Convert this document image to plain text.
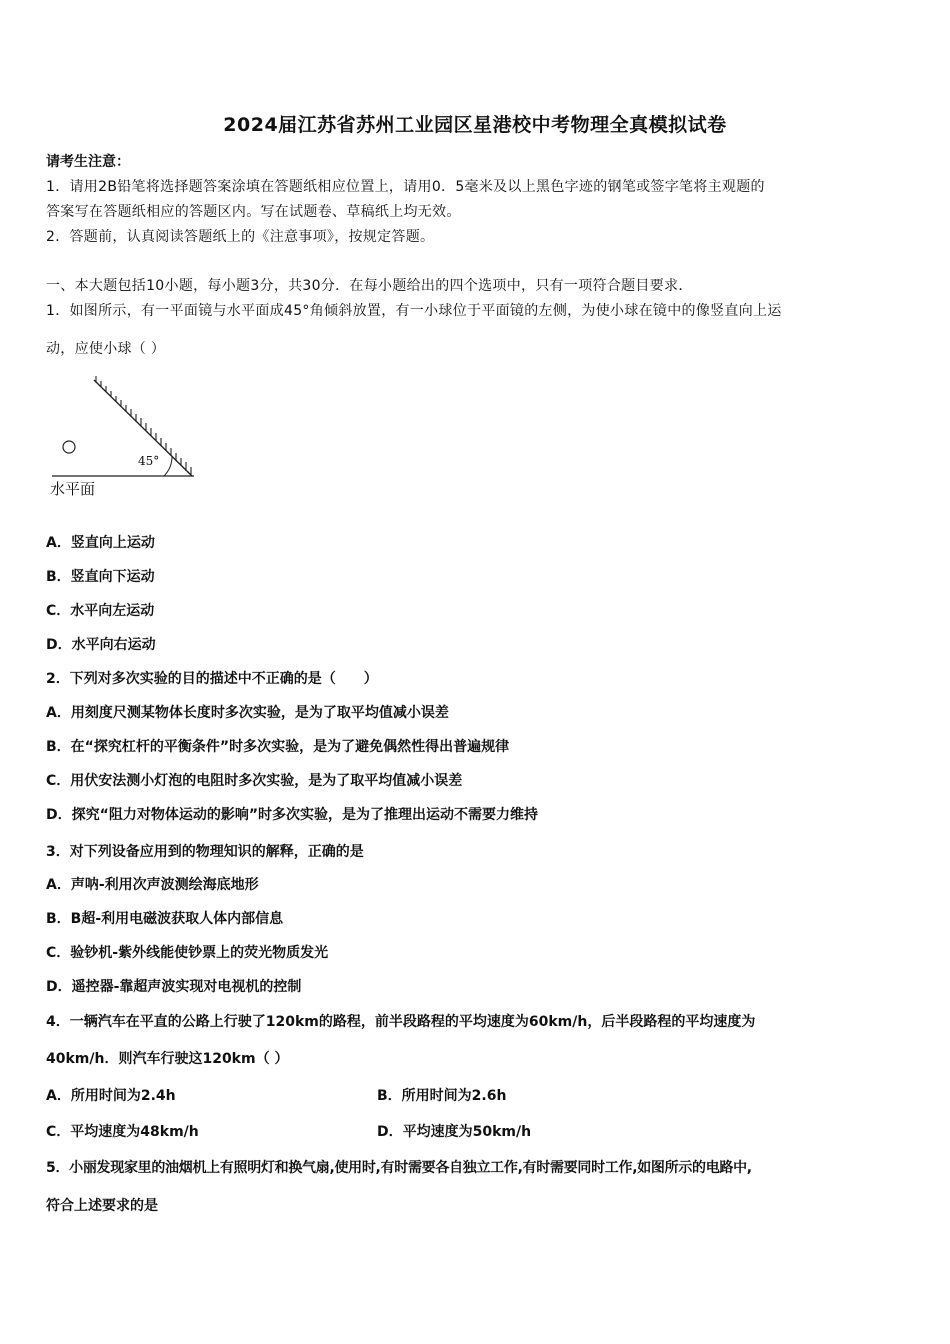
2024届江苏省苏州工业园区星港校中考物理全真模拟试卷
请考生注意：
1．请用2B铅笔将选择题答案涂填在答题纸相应位置上，请用0．5毫米及以上黑色字迹的钢笔或签字笔将主观题的
答案写在答题纸相应的答题区内。写在试题卷、草稿纸上均无效。
2．答题前，认真阅读答题纸上的《注意事项》，按规定答题。
一、本大题包括10小题，每小题3分，共30分．在每小题给出的四个选项中，只有一项符合题目要求．
1．如图所示，有一平面镜与水平面成45°角倾斜放置，有一小球位于平面镜的左侧，为使小球在镜中的像竖直向上运
动，应使小球（ ）
45°
水平面
A．竖直向上运动
B．竖直向下运动
C．水平向左运动
D．水平向右运动
2．下列对多次实验的目的描述中不正确的是（　　）
A．用刻度尺测某物体长度时多次实验，是为了取平均值减小误差
B．在“探究杠杆的平衡条件”时多次实验，是为了避免偶然性得出普遍规律
C．用伏安法测小灯泡的电阻时多次实验，是为了取平均值减小误差
D．探究“阻力对物体运动的影响”时多次实验，是为了推理出运动不需要力维持
3．对下列设备应用到的物理知识的解释，正确的是
A．声呐-利用次声波测绘海底地形
B．B超-利用电磁波获取人体内部信息
C．验钞机-紫外线能使钞票上的荧光物质发光
D．遥控器-靠超声波实现对电视机的控制
4．一辆汽车在平直的公路上行驶了120km的路程，前半段路程的平均速度为60km/h，后半段路程的平均速度为
40km/h．则汽车行驶这120km（ ）
A．所用时间为2.4h	B．所用时间为2.6h
C．平均速度为48km/h	D．平均速度为50km/h
5．小丽发现家里的油烟机上有照明灯和换气扇,使用时,有时需要各自独立工作,有时需要同时工作,如图所示的电路中,
符合上述要求的是
